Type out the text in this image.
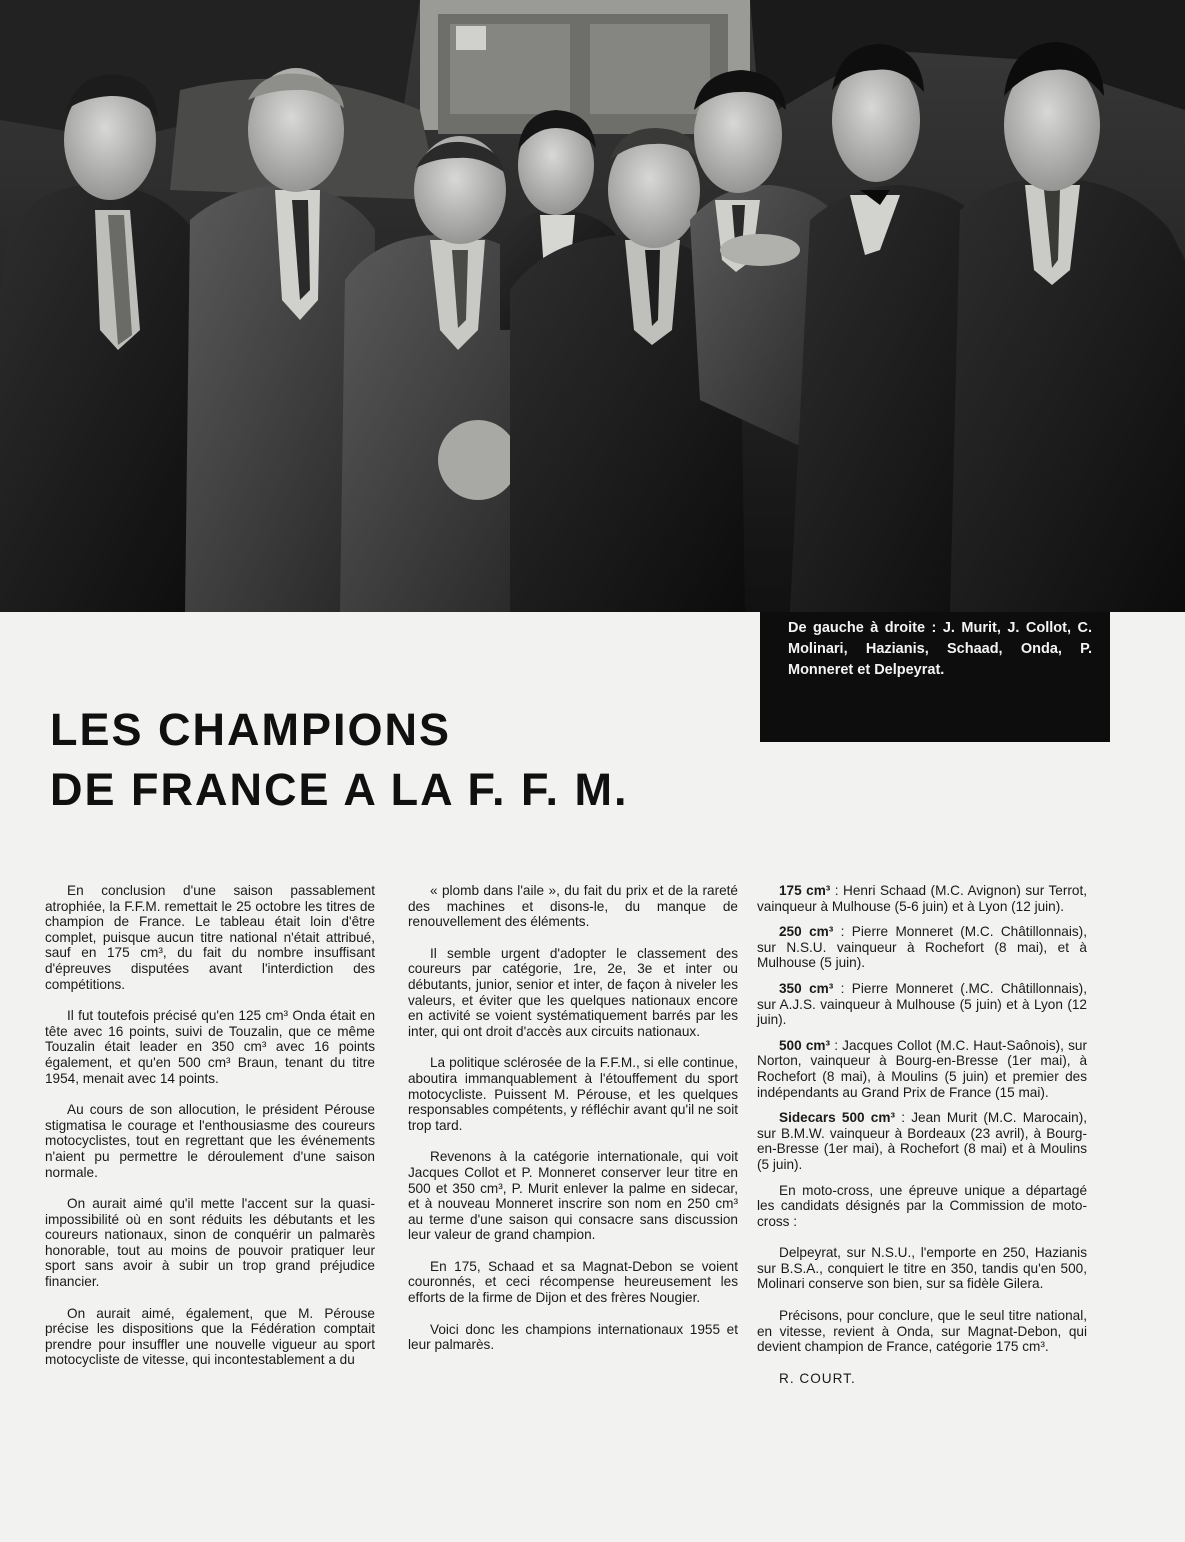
De gauche à droite : J. Murit, J. Collot, C. Molinari, Hazianis, Schaad, Onda, P. Monneret et Delpeyrat.
LES CHAMPIONS
DE FRANCE A LA F. F. M.

En conclusion d'une saison passablement atrophiée, la F.F.M. remettait le 25 octobre les titres de champion de France. Le tableau était loin d'être complet, puisque aucun titre national n'était attribué, sauf en 175 cm³, du fait du nombre insuffisant d'épreuves disputées avant l'interdiction des compétitions.

Il fut toutefois précisé qu'en 125 cm³ Onda était en tête avec 16 points, suivi de Touzalin, que ce même Touzalin était leader en 350 cm³ avec 16 points également, et qu'en 500 cm³ Braun, tenant du titre 1954, menait avec 14 points.

Au cours de son allocution, le président Pérouse stigmatisa le courage et l'enthousiasme des coureurs motocyclistes, tout en regrettant que les événements n'aient pu permettre le déroulement d'une saison normale.

On aurait aimé qu'il mette l'accent sur la quasi-impossibilité où en sont réduits les débutants et les coureurs nationaux, sinon de conquérir un palmarès honorable, tout au moins de pouvoir pratiquer leur sport sans avoir à subir un trop grand préjudice financier.

On aurait aimé, également, que M. Pérouse précise les dispositions que la Fédération comptait prendre pour insuffler une nouvelle vigueur au sport motocycliste de vitesse, qui incontestablement a du

« plomb dans l'aile », du fait du prix et de la rareté des machines et disons-le, du manque de renouvellement des éléments.

Il semble urgent d'adopter le classement des coureurs par catégorie, 1re, 2e, 3e et inter ou débutants, junior, senior et inter, de façon à niveler les valeurs, et éviter que les quelques nationaux encore en activité se voient systématiquement barrés par les inter, qui ont droit d'accès aux circuits nationaux.

La politique sclérosée de la F.F.M., si elle continue, aboutira immanquablement à l'étouffement du sport motocycliste. Puissent M. Pérouse, et les quelques responsables compétents, y réfléchir avant qu'il ne soit trop tard.

Revenons à la catégorie internationale, qui voit Jacques Collot et P. Monneret conserver leur titre en 500 et 350 cm³, P. Murit enlever la palme en sidecar, et à nouveau Monneret inscrire son nom en 250 cm³ au terme d'une saison qui consacre sans discussion leur valeur de grand champion.

En 175, Schaad et sa Magnat-Debon se voient couronnés, et ceci récompense heureusement les efforts de la firme de Dijon et des frères Nougier.

Voici donc les champions internationaux 1955 et leur palmarès.

175 cm³ : Henri Schaad (M.C. Avignon) sur Terrot, vainqueur à Mulhouse (5-6 juin) et à Lyon (12 juin).
250 cm³ : Pierre Monneret (M.C. Châtillonnais), sur N.S.U. vainqueur à Rochefort (8 mai), et à Mulhouse (5 juin).
350 cm³ : Pierre Monneret (.MC. Châtillonnais), sur A.J.S. vainqueur à Mulhouse (5 juin) et à Lyon (12 juin).
500 cm³ : Jacques Collot (M.C. Haut-Saônois), sur Norton, vainqueur à Bourg-en-Bresse (1er mai), à Rochefort (8 mai), à Moulins (5 juin) et premier des indépendants au Grand Prix de France (15 mai).
Sidecars 500 cm³ : Jean Murit (M.C. Marocain), sur B.M.W. vainqueur à Bordeaux (23 avril), à Bourg-en-Bresse (1er mai), à Rochefort (8 mai) et à Moulins (5 juin).

En moto-cross, une épreuve unique a départagé les candidats désignés par la Commission de moto-cross :

Delpeyrat, sur N.S.U., l'emporte en 250, Hazianis sur B.S.A., conquiert le titre en 350, tandis qu'en 500, Molinari conserve son bien, sur sa fidèle Gilera.

Précisons, pour conclure, que le seul titre national, en vitesse, revient à Onda, sur Magnat-Debon, qui devient champion de France, catégorie 175 cm³.

R. COURT.
